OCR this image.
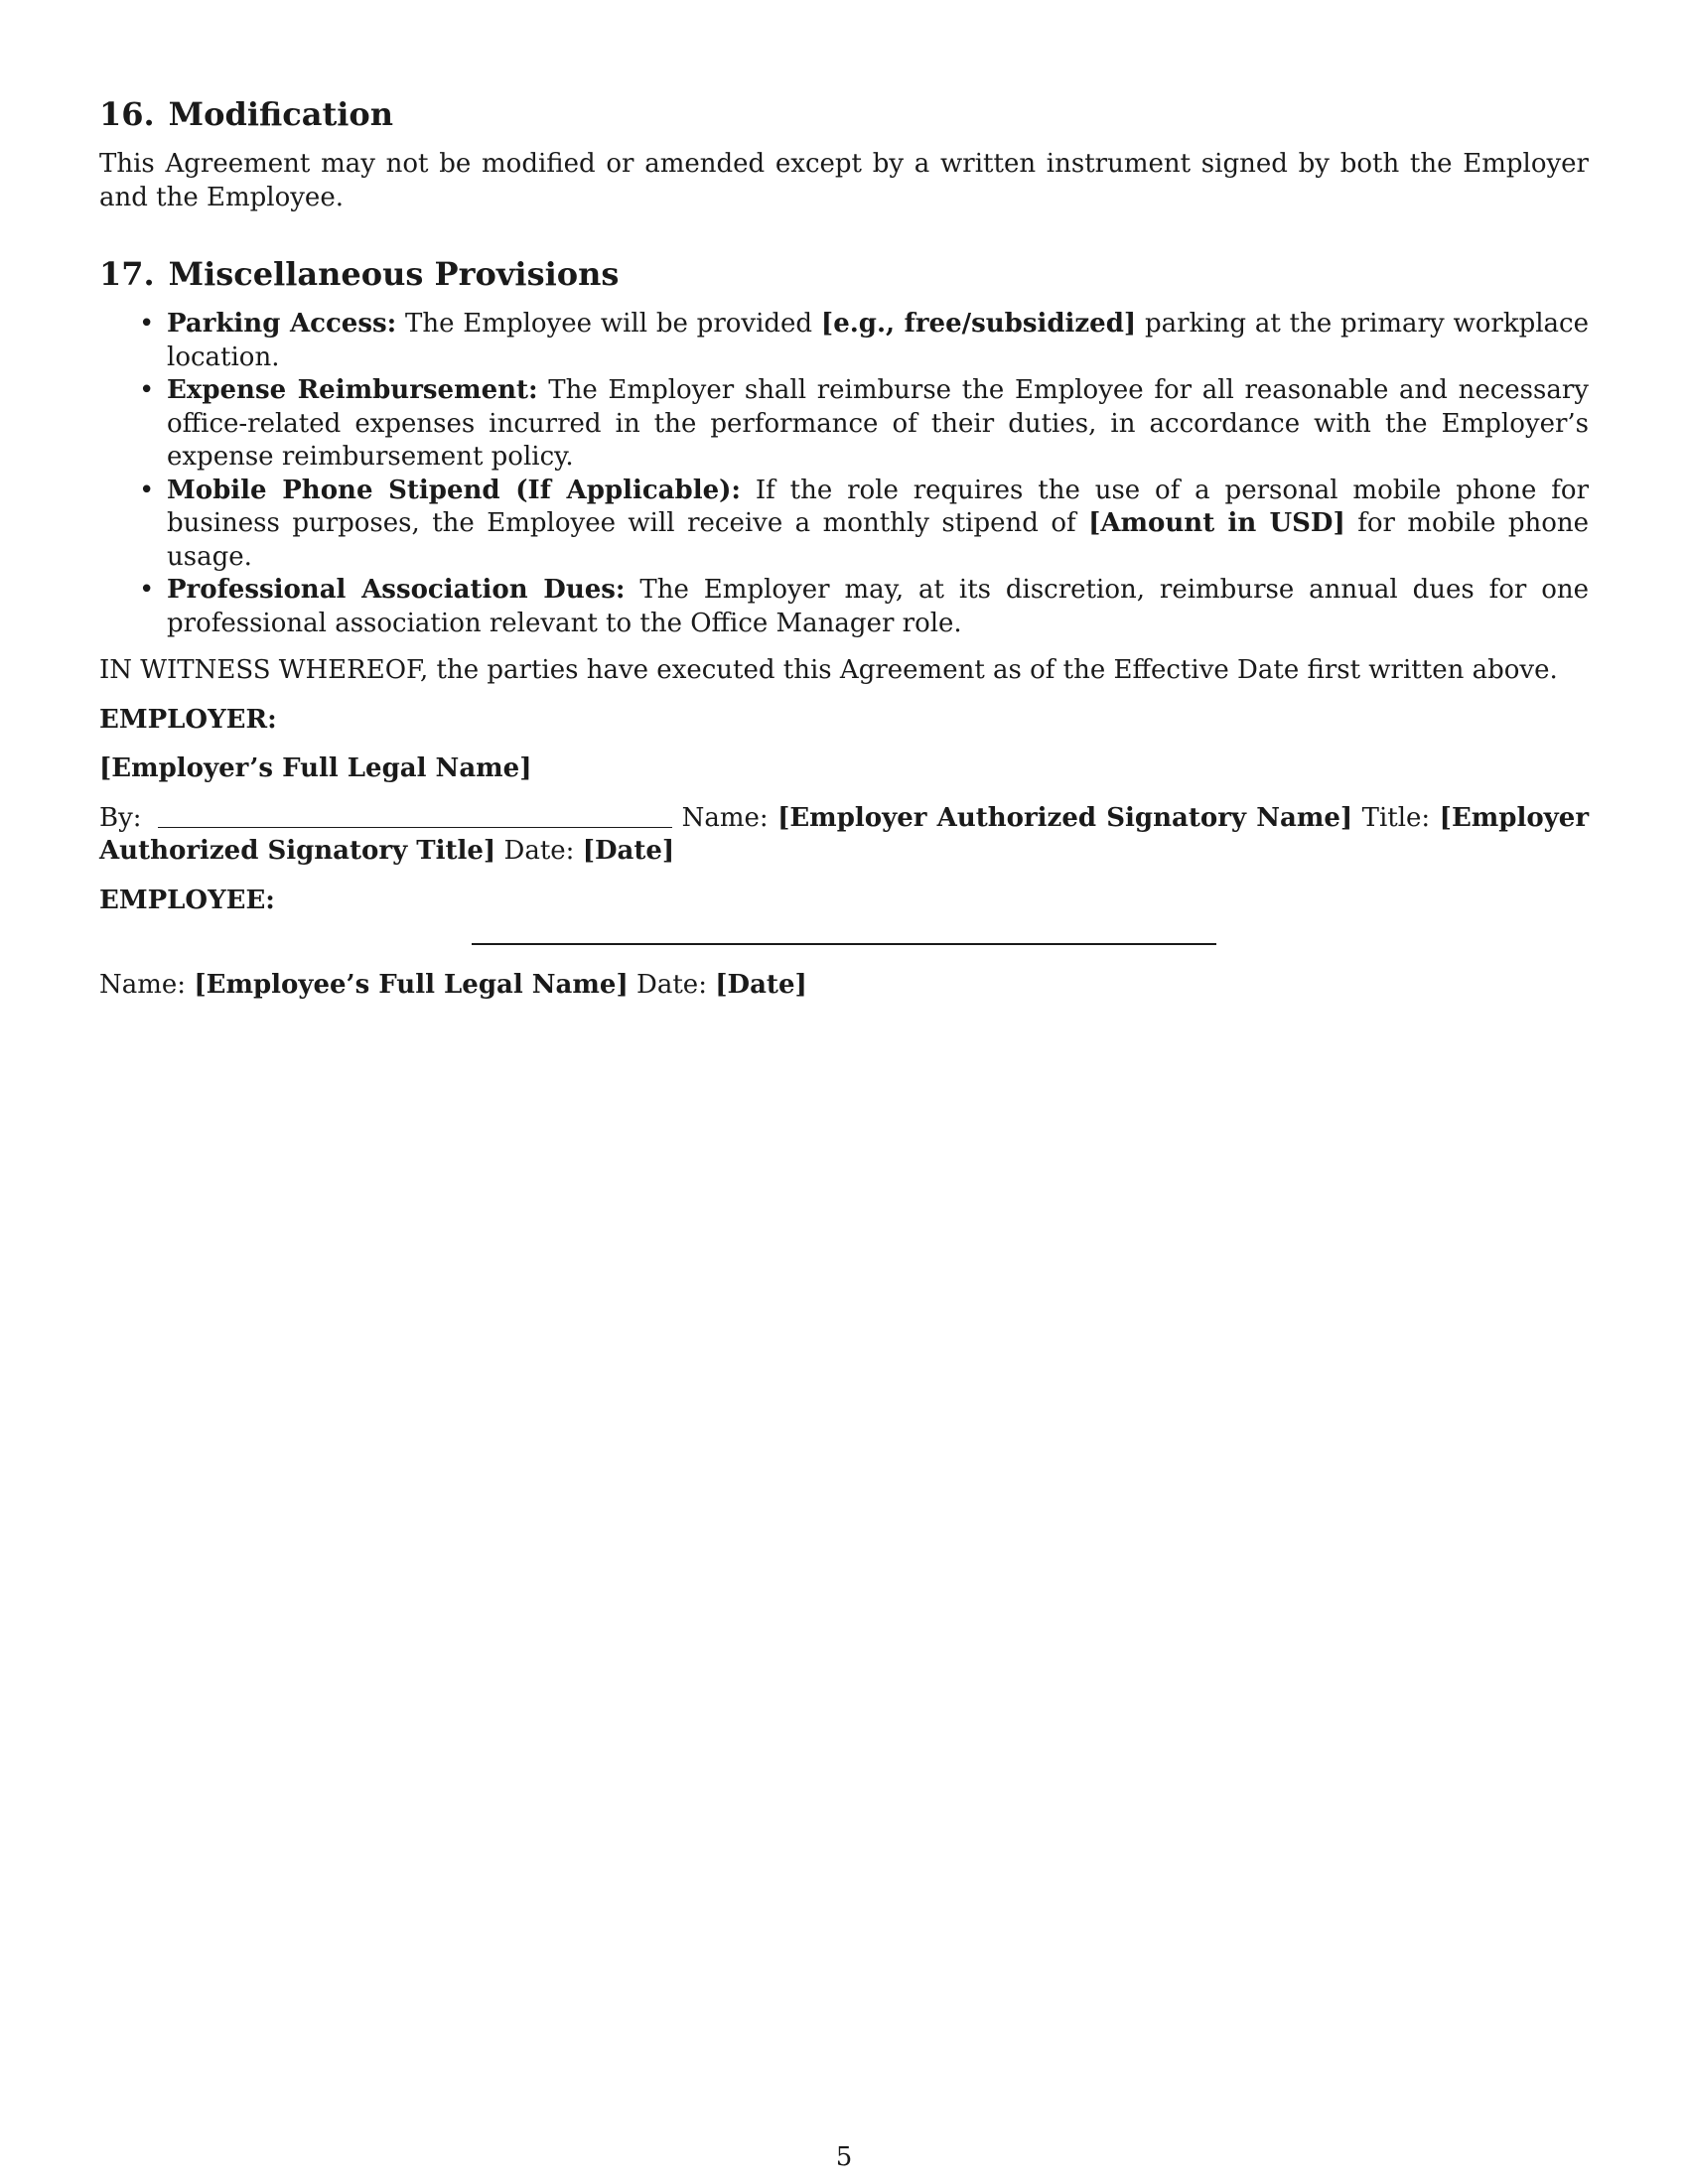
16. Modification

This Agreement may not be modified or amended except by a written instrument signed by both the Employer and the Employee.

17. Miscellaneous Provisions
• Parking Access: The Employee will be provided [e.g., free/subsidized] parking at the primary workplace location.
• Expense Reimbursement: The Employer shall reimburse the Employee for all reasonable and necessary office-related expenses incurred in the performance of their duties, in accordance with the Employer’s expense reimbursement policy.
• Mobile Phone Stipend (If Applicable): If the role requires the use of a personal mobile phone for business purposes, the Employee will receive a monthly stipend of [Amount in USD] for mobile phone usage.
• Professional Association Dues: The Employer may, at its discretion, reimburse annual dues for one professional association relevant to the Office Manager role.

IN WITNESS WHEREOF, the parties have executed this Agreement as of the Effective Date first written above.

EMPLOYER:

[Employer’s Full Legal Name]

By:	Name: [Employer Authorized Signatory Name] Title: [Employer Authorized Signatory Title] Date: [Date]

EMPLOYEE:

Name: [Employee’s Full Legal Name] Date: [Date]

5
